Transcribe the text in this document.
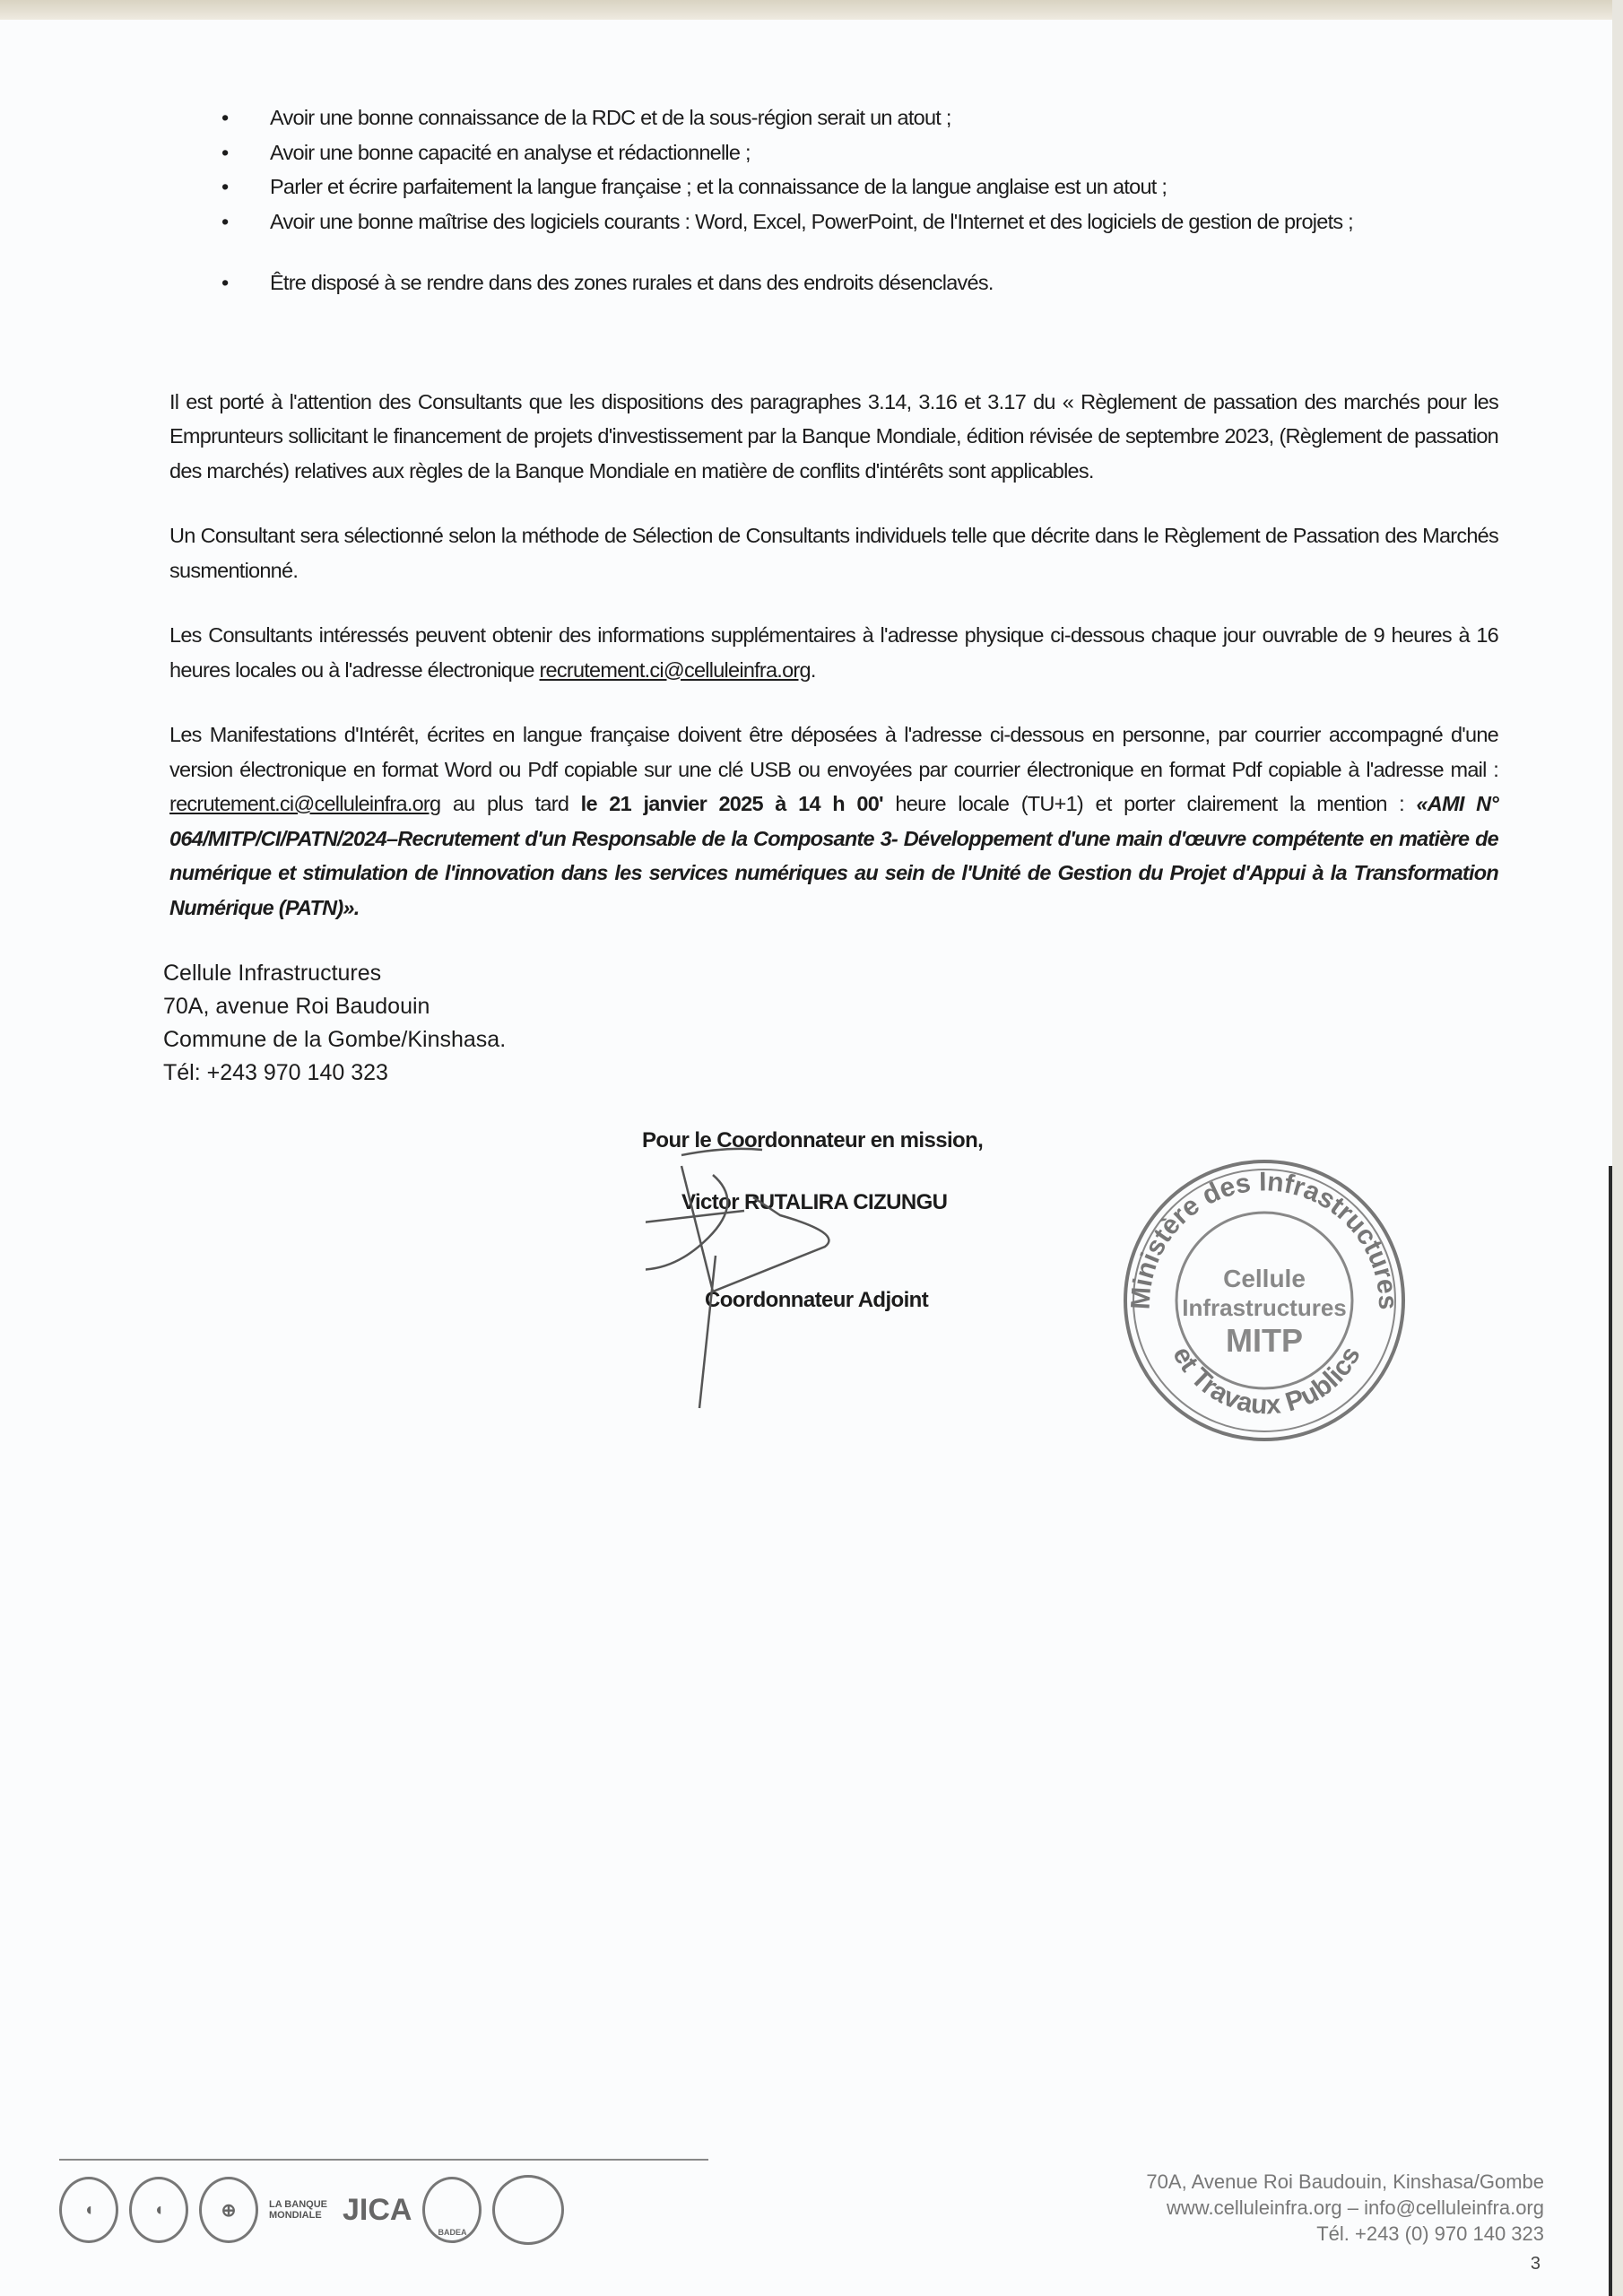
• Avoir une bonne connaissance de la RDC et de la sous-région serait un atout ;
• Avoir une bonne capacité en analyse et rédactionnelle ;
• Parler et écrire parfaitement la langue française ; et la connaissance de la langue anglaise est un atout ;
• Avoir une bonne maîtrise des logiciels courants : Word, Excel, PowerPoint, de l'Internet et des logiciels de gestion de projets ;
• Être disposé à se rendre dans des zones rurales et dans des endroits désenclavés.

Il est porté à l'attention des Consultants que les dispositions des paragraphes 3.14, 3.16 et 3.17 du « Règlement de passation des marchés pour les Emprunteurs sollicitant le financement de projets d'investissement par la Banque Mondiale, édition révisée de septembre 2023, (Règlement de passation des marchés) relatives aux règles de la Banque Mondiale en matière de conflits d'intérêts sont applicables.

Un Consultant sera sélectionné selon la méthode de Sélection de Consultants individuels telle que décrite dans le Règlement de Passation des Marchés susmentionné.

Les Consultants intéressés peuvent obtenir des informations supplémentaires à l'adresse physique ci-dessous chaque jour ouvrable de 9 heures à 16 heures locales ou à l'adresse électronique recrutement.ci@celluleinfra.org.

Les Manifestations d'Intérêt, écrites en langue française doivent être déposées à l'adresse ci-dessous en personne, par courrier accompagné d'une version électronique en format Word ou Pdf copiable sur une clé USB ou envoyées par courrier électronique en format Pdf copiable à l'adresse mail : recrutement.ci@celluleinfra.org au plus tard le 21 janvier 2025 à 14 h 00' heure locale (TU+1) et porter clairement la mention : «AMI N° 064/MITP/CI/PATN/2024–Recrutement d'un Responsable de la Composante 3- Développement d'une main d'œuvre compétente en matière de numérique et stimulation de l'innovation dans les services numériques au sein de l'Unité de Gestion du Projet d'Appui à la Transformation Numérique (PATN)».

Cellule Infrastructures
70A, avenue Roi Baudouin
Commune de la Gombe/Kinshasa.
Tél: +243 970 140 323
Pour le Coordonnateur en mission,
Victor RUTALIRA CIZUNGU
Coordonnateur Adjoint	Ministère des Infrastructures
et Travaux Publics
Cellule
Infrastructures
MITP
◖	◖	⊕	LA BANQUE MONDIALE JICA
BADEA
70A, Avenue Roi Baudouin, Kinshasa/Gombe
www.celluleinfra.org – info@celluleinfra.org
Tél. +243 (0) 970 140 323
3
